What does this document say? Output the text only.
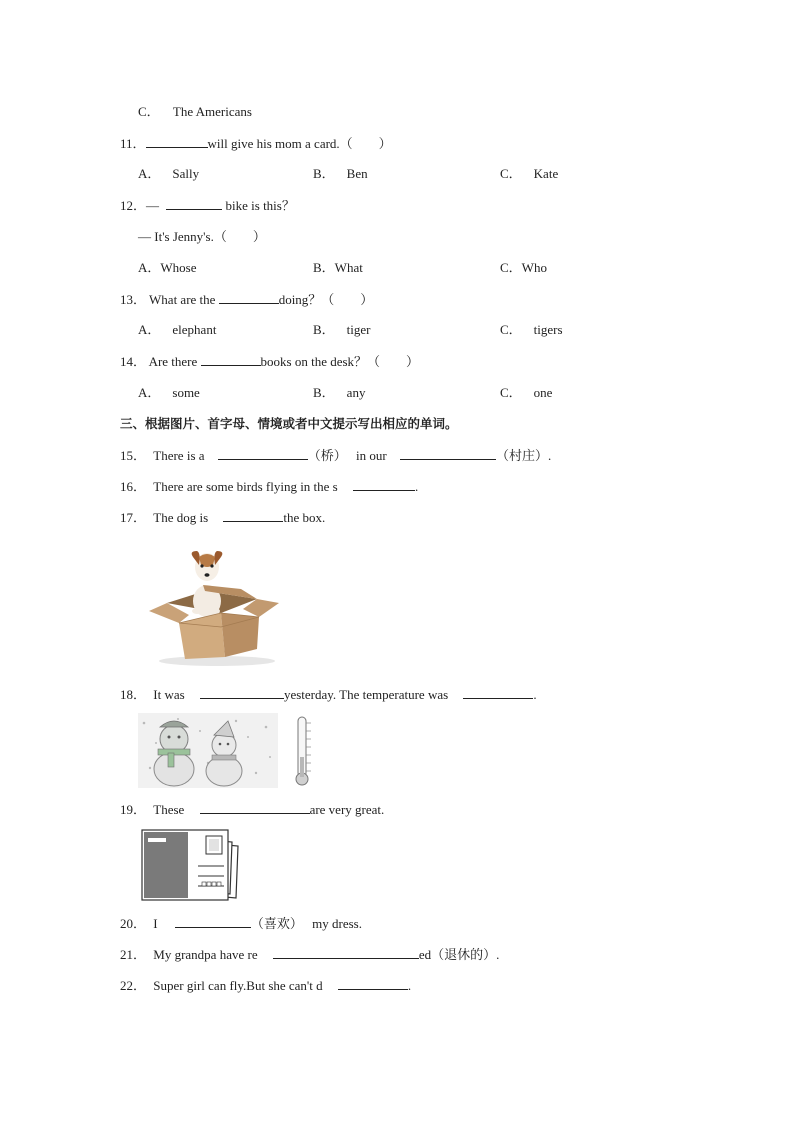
C． The Americans
11．	will give his mom a card.（　　）
A． Sally	B． Ben	C． Kate
12．—	bike is this？
— It's Jenny's.（　　）
A．Whose	B．What	C．Who
13． What are the	doing？（　　）
A． elephant	B． tiger	C． tigers
14． Are there	books on the desk？（　　）
A． some	B． any	C． one
三、根据图片、首字母、情境或者中文提示写出相应的单词。
15． There is a	（桥） in our	（村庄）.
16． There are some birds flying in the s	.
17． The dog is	the box.
18． It was	yesterday. The temperature was	.
19． These	are very great.
20． I	（喜欢） my dress.
21． My grandpa have re	ed（退休的）.
22． Super girl can fly.But she can't d	.
